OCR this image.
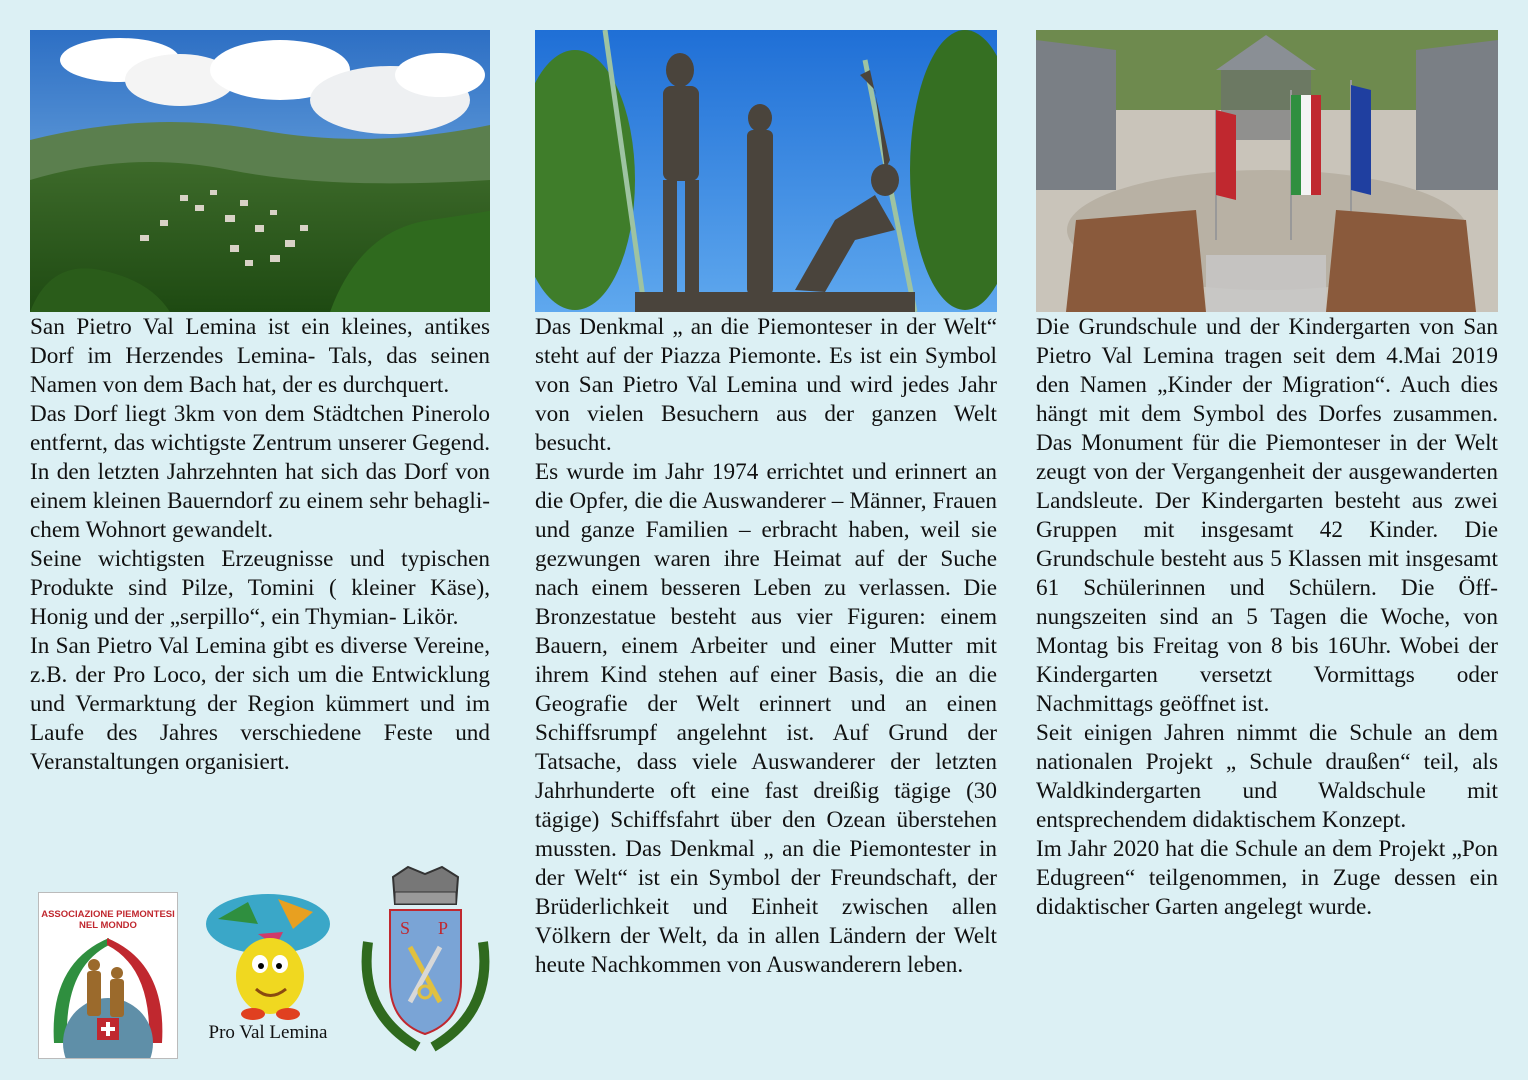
San Pietro Val Lemina ist ein kleines, antikes Dorf im Herzendes Lemina- Tals, das seinen Namen von dem Bach hat, der es durchquert.

Das Dorf liegt 3km von dem Städtchen Pinerolo entfernt, das wichtigste Zentrum unserer Gegend. In den letzten Jahrzehnten hat sich das Dorf von einem kleinen Bauerndorf zu einem sehr behaglichem Wohnort gewandelt.

Seine wichtigsten Erzeugnisse und typischen Produkte sind Pilze, Tomini ( kleiner Käse), Honig und der „serpillo“, ein Thymian- Likör.

In San Pietro Val Lemina gibt es diverse Vereine, z.B. der Pro Loco, der sich um die Entwicklung und Vermarktung der Region kümmert und im Laufe des Jahres verschiedene Feste und Veranstaltungen organisiert.

Das Denkmal „ an die Piemonteser in der Welt“ steht auf der Piazza Piemonte. Es ist ein Symbol von San Pietro Val Lemina und wird jedes Jahr von vielen Besuchern aus der ganzen Welt besucht.

Es wurde im Jahr 1974 errichtet und erinnert an die Opfer, die die Auswanderer – Männer, Frauen und ganze Familien – erbracht haben, weil sie gezwungen waren ihre Heimat auf der Suche nach einem besseren Leben zu verlassen. Die Bronzestatue besteht aus vier Figuren: einem Bauern, einem Arbeiter und einer Mutter mit ihrem Kind stehen auf einer Basis, die an die Geografie der Welt erinnert und an einen Schiffsrumpf angelehnt ist. Auf Grund der Tatsache, dass viele Auswanderer der letzten Jahrhunderte oft eine fast dreißig tägige (30 tägige) Schiffsfahrt über den Ozean überstehen mussten. Das Denkmal „ an die Piemontester in der Welt“ ist ein Symbol der Freundschaft, der Brüderlichkeit und Einheit zwischen allen Völkern der Welt, da in allen Ländern der Welt heute Nachkommen von Auswanderern leben.

Die Grundschule und der Kindergarten von San Pietro Val Lemina tragen seit dem 4.Mai 2019 den Namen „Kinder der Migration“. Auch dies hängt mit dem Symbol des Dorfes zusammen. Das Monument für die Piemonteser in der Welt zeugt von der Vergangenheit der ausgewanderten Landsleute. Der Kindergarten besteht aus zwei Gruppen mit insgesamt 42 Kinder. Die Grundschule besteht aus 5 Klassen mit insgesamt 61 Schülerinnen und Schülern. Die Öffnungszeiten sind an 5 Tagen die Woche, von Montag bis Freitag von 8 bis 16Uhr. Wobei der Kindergarten versetzt Vormittags oder Nachmittags geöffnet ist.

Seit einigen Jahren nimmt die Schule an dem nationalen Projekt „ Schule draußen“ teil, als Waldkindergarten und Waldschule mit entsprechendem didaktischem Konzept.

Im Jahr 2020 hat die Schule an dem Projekt „Pon Edugreen“ teilgenommen, in Zuge dessen ein didaktischer Garten angelegt wurde.

ASSOCIAZIONE PIEMONTESI NEL MONDO
Pro Val Lemina
S P
